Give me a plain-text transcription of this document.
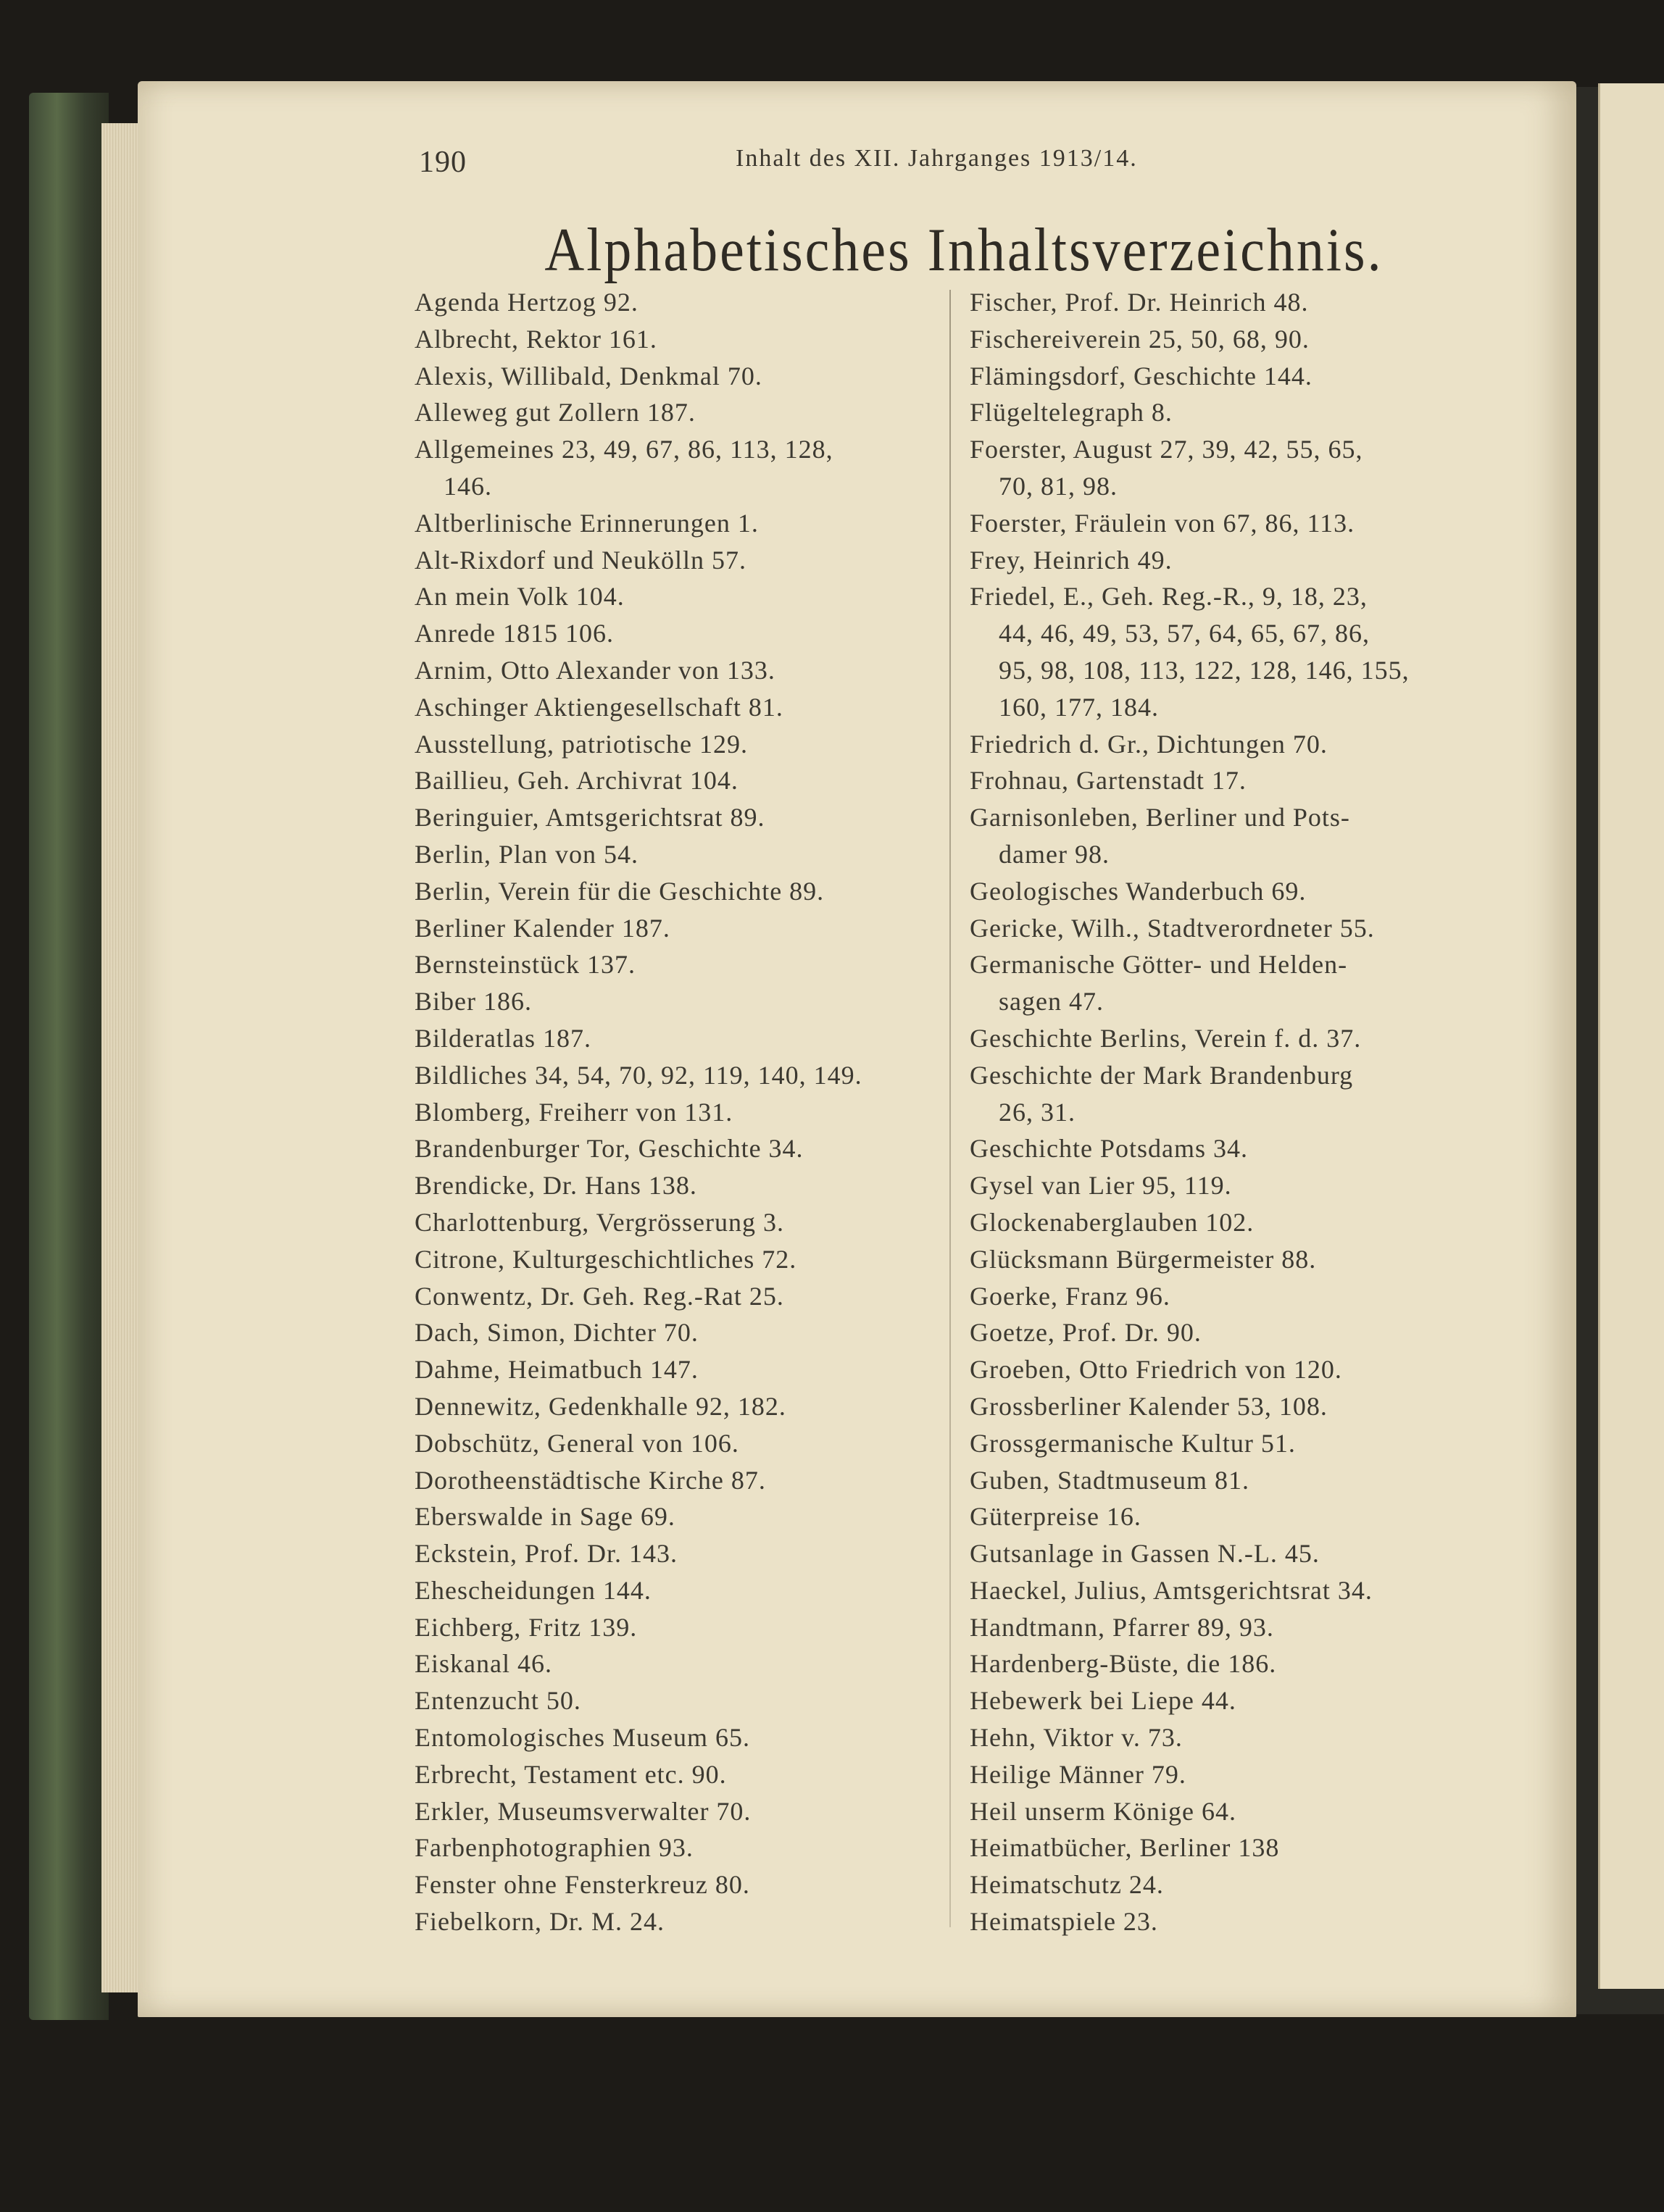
190	Inhalt des XII. Jahrganges 1913/14.
Alphabetisches Inhaltsverzeichnis.
Agenda Hertzog 92.
Albrecht, Rektor 161.
Alexis, Willibald, Denkmal 70.
Alleweg gut Zollern 187.
Allgemeines 23, 49, 67, 86, 113, 128,
146.
Altberlinische Erinnerungen 1.
Alt-Rixdorf und Neukölln 57.
An mein Volk 104.
Anrede 1815 106.
Arnim, Otto Alexander von 133.
Aschinger Aktiengesellschaft 81.
Ausstellung, patriotische 129.
Baillieu, Geh. Archivrat 104.
Beringuier, Amtsgerichtsrat 89.
Berlin, Plan von 54.
Berlin, Verein für die Geschichte 89.
Berliner Kalender 187.
Bernsteinstück 137.
Biber 186.
Bilderatlas 187.
Bildliches 34, 54, 70, 92, 119, 140, 149.
Blomberg, Freiherr von 131.
Brandenburger Tor, Geschichte 34.
Brendicke, Dr. Hans 138.
Charlottenburg, Vergrösserung 3.
Citrone, Kulturgeschichtliches 72.
Conwentz, Dr. Geh. Reg.-Rat 25.
Dach, Simon, Dichter 70.
Dahme, Heimatbuch 147.
Dennewitz, Gedenkhalle 92, 182.
Dobschütz, General von 106.
Dorotheenstädtische Kirche 87.
Eberswalde in Sage 69.
Eckstein, Prof. Dr. 143.
Ehescheidungen 144.
Eichberg, Fritz 139.
Eiskanal 46.
Entenzucht 50.
Entomologisches Museum 65.
Erbrecht, Testament etc. 90.
Erkler, Museumsverwalter 70.
Farbenphotographien 93.
Fenster ohne Fensterkreuz 80.
Fiebelkorn, Dr. M. 24.
Fischer, Prof. Dr. Heinrich 48.
Fischereiverein 25, 50, 68, 90.
Flämingsdorf, Geschichte 144.
Flügeltelegraph 8.
Foerster, August 27, 39, 42, 55, 65,
70, 81, 98.
Foerster, Fräulein von 67, 86, 113.
Frey, Heinrich 49.
Friedel, E., Geh. Reg.-R., 9, 18, 23,
44, 46, 49, 53, 57, 64, 65, 67, 86,
95, 98, 108, 113, 122, 128, 146, 155,
160, 177, 184.
Friedrich d. Gr., Dichtungen 70.
Frohnau, Gartenstadt 17.
Garnisonleben, Berliner und Pots-
damer 98.
Geologisches Wanderbuch 69.
Gericke, Wilh., Stadtverordneter 55.
Germanische Götter- und Helden-
sagen 47.
Geschichte Berlins, Verein f. d. 37.
Geschichte der Mark Brandenburg
26, 31.
Geschichte Potsdams 34.
Gysel van Lier 95, 119.
Glockenaberglauben 102.
Glücksmann Bürgermeister 88.
Goerke, Franz 96.
Goetze, Prof. Dr. 90.
Groeben, Otto Friedrich von 120.
Grossberliner Kalender 53, 108.
Grossgermanische Kultur 51.
Guben, Stadtmuseum 81.
Güterpreise 16.
Gutsanlage in Gassen N.-L. 45.
Haeckel, Julius, Amtsgerichtsrat 34.
Handtmann, Pfarrer 89, 93.
Hardenberg-Büste, die 186.
Hebewerk bei Liepe 44.
Hehn, Viktor v. 73.
Heilige Männer 79.
Heil unserm Könige 64.
Heimatbücher, Berliner 138
Heimatschutz 24.
Heimatspiele 23.
